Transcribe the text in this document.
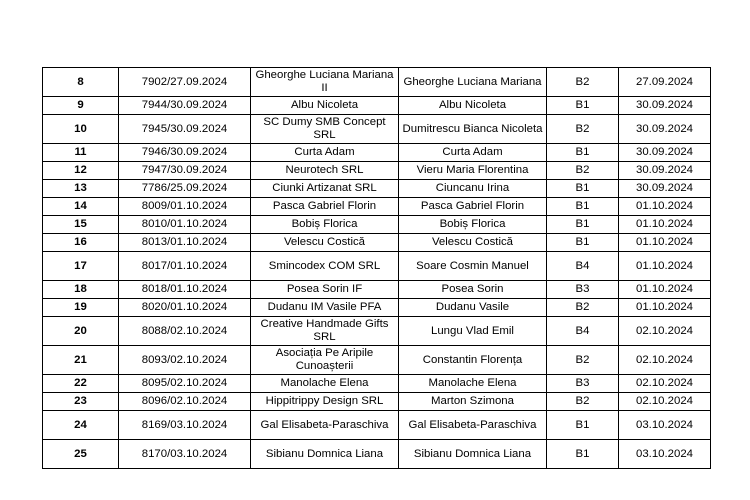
8	7902/27.09.2024	Gheorghe Luciana Mariana II	Gheorghe Luciana Mariana	B2	27.09.2024
9	7944/30.09.2024	Albu Nicoleta	Albu Nicoleta	B1	30.09.2024
10	7945/30.09.2024	SC Dumy SMB Concept SRL	Dumitrescu Bianca Nicoleta	B2	30.09.2024
11	7946/30.09.2024	Curta Adam	Curta Adam	B1	30.09.2024
12	7947/30.09.2024	Neurotech SRL	Vieru Maria Florentina	B2	30.09.2024
13	7786/25.09.2024	Ciunki Artizanat SRL	Ciuncanu Irina	B1	30.09.2024
14	8009/01.10.2024	Pasca Gabriel Florin	Pasca Gabriel Florin	B1	01.10.2024
15	8010/01.10.2024	Bobiș Florica	Bobiș Florica	B1	01.10.2024
16	8013/01.10.2024	Velescu Costică	Velescu Costică	B1	01.10.2024
17	8017/01.10.2024	Smincodex COM SRL	Soare Cosmin Manuel	B4	01.10.2024
18	8018/01.10.2024	Posea Sorin IF	Posea Sorin	B3	01.10.2024
19	8020/01.10.2024	Dudanu IM Vasile PFA	Dudanu Vasile	B2	01.10.2024
20	8088/02.10.2024	Creative Handmade Gifts SRL	Lungu Vlad Emil	B4	02.10.2024
21	8093/02.10.2024	Asociația Pe Aripile Cunoașterii	Constantin Florența	B2	02.10.2024
22	8095/02.10.2024	Manolache Elena	Manolache Elena	B3	02.10.2024
23	8096/02.10.2024	Hippitrippy Design SRL	Marton Szimona	B2	02.10.2024
24	8169/03.10.2024	Gal Elisabeta-Paraschiva	Gal Elisabeta-Paraschiva	B1	03.10.2024
25	8170/03.10.2024	Sibianu Domnica Liana	Sibianu Domnica Liana	B1	03.10.2024
